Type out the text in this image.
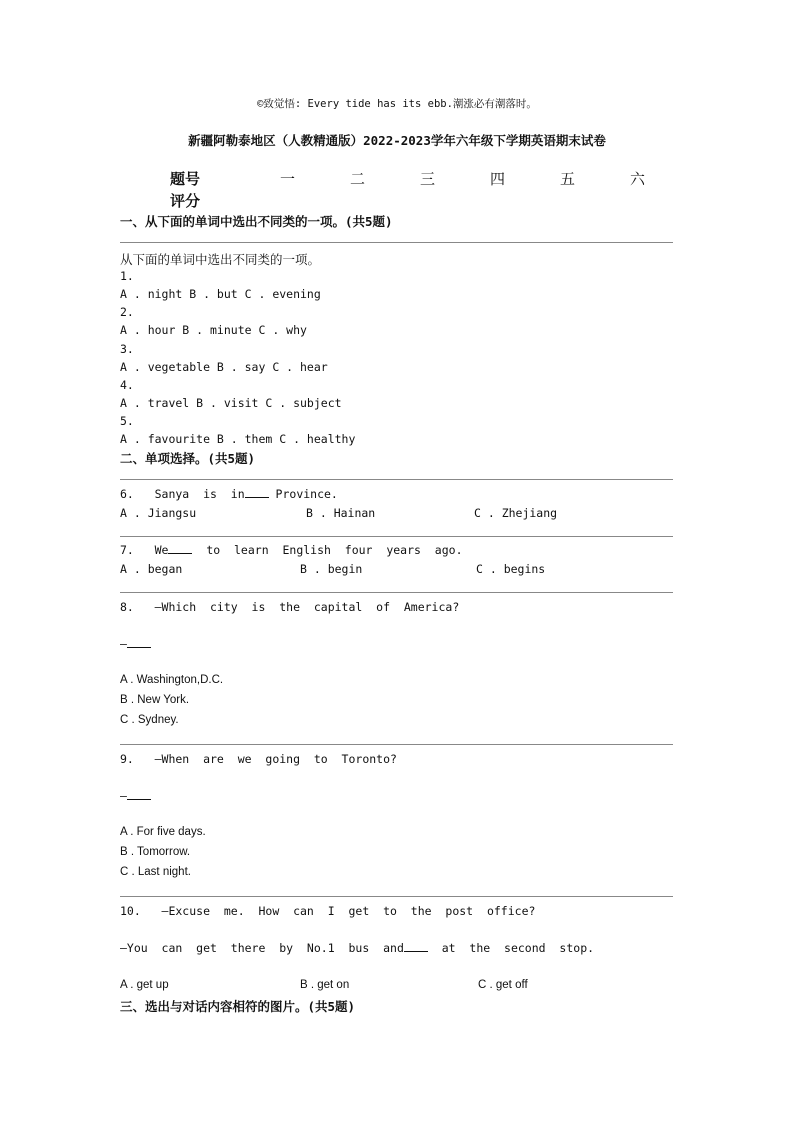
©致觉悟: Every tide has its ebb.潮涨必有潮落时。
新疆阿勒泰地区（人教精通版）2022-2023学年六年级下学期英语期末试卷
题号	一	二	三	四	五	六
评分
一、从下面的单词中选出不同类的一项。(共5题)
从下面的单词中选出不同类的一项。
1.
A . night B . but C . evening
2.
A . hour B . minute C . why
3.
A . vegetable B . say C . hear
4.
A . travel B . visit C . subject
5.
A . favourite B . them C . healthy
二、单项选择。(共5题)
6.   Sanya  is  in Province.
A . Jiangsu	B . Hainan	C . Zhejiang
7.   We  to  learn  English  four  years  ago.
A . began	B . begin	C . begins
8.   —Which  city  is  the  capital  of  America?
—
A . Washington,D.C.
B . New York.
C . Sydney.
9.   —When  are  we  going  to  Toronto?
—
A . For five days.
B . Tomorrow.
C . Last night.
10.   —Excuse  me.  How  can  I  get  to  the  post  office?
—You  can  get  there  by  No.1  bus  and  at  the  second  stop.
A . get up	B . get on	C . get off
三、选出与对话内容相符的图片。(共5题)
